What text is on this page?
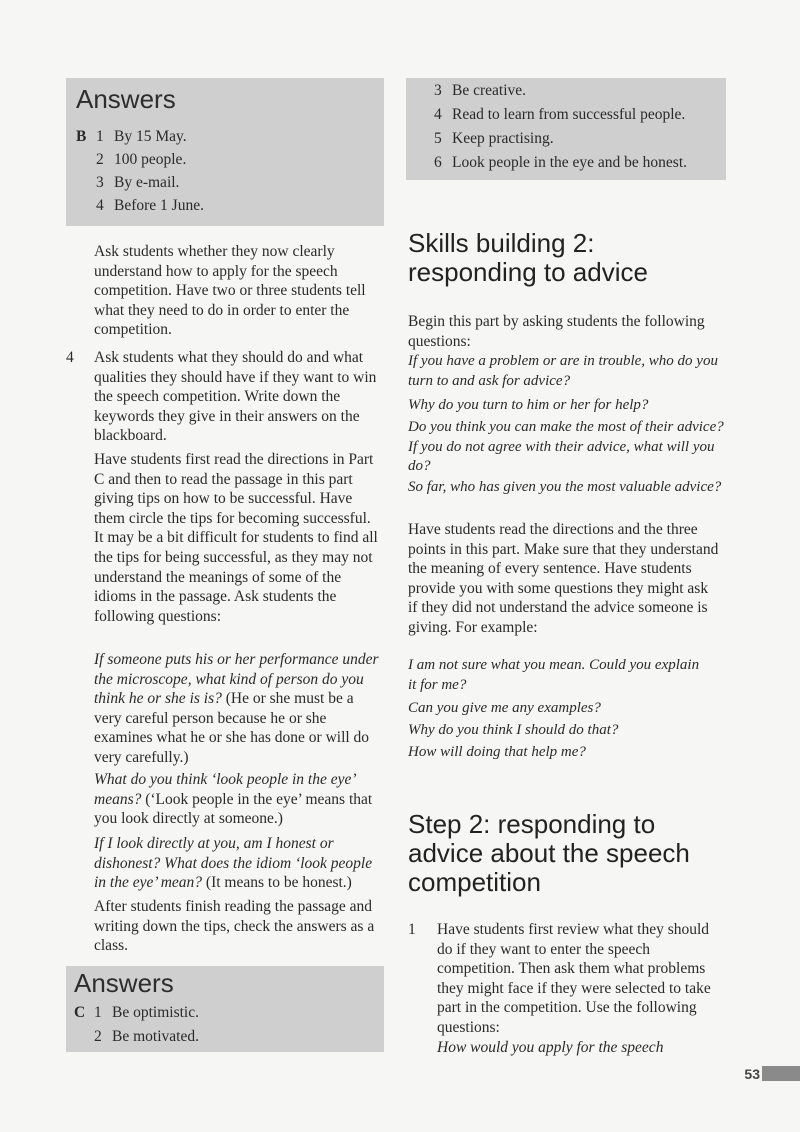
Answers
B 1 By 15 May.
2 100 people.
3 By e-mail.
4 Before 1 June.

Ask students whether they now clearly understand how to apply for the speech competition. Have two or three students tell what they need to do in order to enter the competition.

4 Ask students what they should do and what qualities they should have if they want to win the speech competition. Write down the keywords they give in their answers on the blackboard.

Have students first read the directions in Part C and then to read the passage in this part giving tips on how to be successful. Have them circle the tips for becoming successful. It may be a bit difficult for students to find all the tips for being successful, as they may not understand the meanings of some of the idioms in the passage. Ask students the following questions:

If someone puts his or her performance under the microscope, what kind of person do you think he or she is is? (He or she must be a very careful person because he or she examines what he or she has done or will do very carefully.)

What do you think ‘look people in the eye’ means? (‘Look people in the eye’ means that you look directly at someone.)

If I look directly at you, am I honest or dishonest? What does the idiom ‘look people in the eye’ mean? (It means to be honest.)

After students finish reading the passage and writing down the tips, check the answers as a class.

Answers
C 1 Be optimistic.
2 Be motivated.
3 Be creative.
4 Read to learn from successful people.
5 Keep practising.
6 Look people in the eye and be honest.
Skills building 2: responding to advice

Begin this part by asking students the following questions:

If you have a problem or are in trouble, who do you turn to and ask for advice?

Why do you turn to him or her for help?

Do you think you can make the most of their advice? If you do not agree with their advice, what will you do?

So far, who has given you the most valuable advice?

Have students read the directions and the three points in this part. Make sure that they understand the meaning of every sentence. Have students provide you with some questions they might ask if they did not understand the advice someone is giving. For example:

I am not sure what you mean. Could you explain it for me?

Can you give me any examples?

Why do you think I should do that?

How will doing that help me?

Step 2: responding to advice about the speech competition
1 Have students first review what they should do if they want to enter the speech competition. Then ask them what problems they might face if they were selected to take part in the competition. Use the following questions:

How would you apply for the speech

53
